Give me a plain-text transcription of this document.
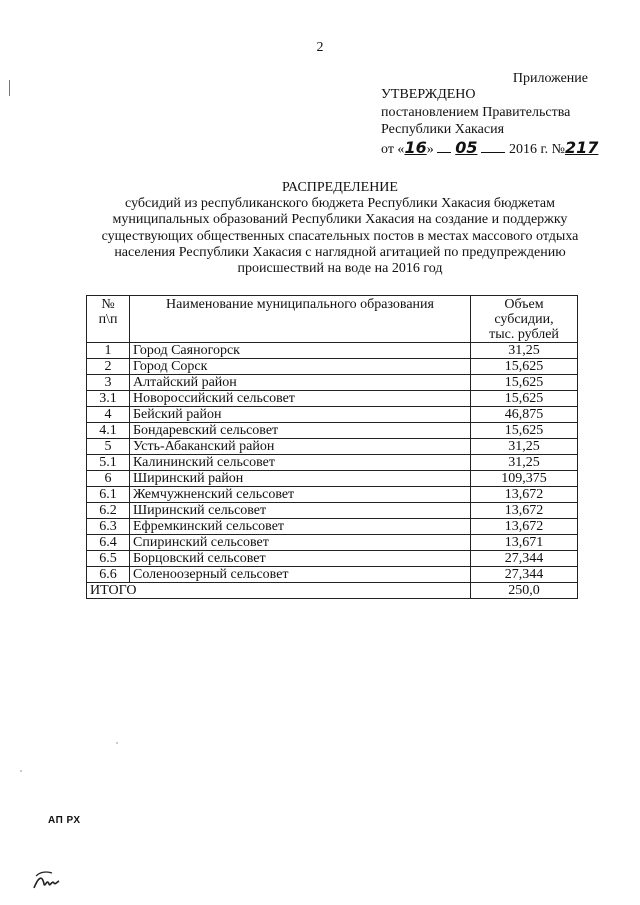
2
Приложение
УТВЕРЖДЕНО
постановлением Правительства
Республики Хакасия
от «16» 05 2016 г. №217
РАСПРЕДЕЛЕНИЕ
субсидий из республиканского бюджета Республики Хакасия бюджетам
муниципальных образований Республики Хакасия на создание и поддержку
существующих общественных спасательных постов в местах массового отдыха
населения Республики Хакасия с наглядной агитацией по предупреждению
происшествий на воде на 2016 год
№
п\п	Наименование муниципального образования	Объем субсидии,
тыс. рублей
1	Город Саяногорск	31,25
2	Город Сорск	15,625
3	Алтайский район	15,625
3.1	Новороссийский сельсовет	15,625
4	Бейский район	46,875
4.1	Бондаревский сельсовет	15,625
5	Усть-Абаканский район	31,25
5.1	Калининский сельсовет	31,25
6	Ширинский район	109,375
6.1	Жемчужненский сельсовет	13,672
6.2	Ширинский сельсовет	13,672
6.3	Ефремкинский сельсовет	13,672
6.4	Спиринский сельсовет	13,671
6.5	Борцовский сельсовет	27,344
6.6	Соленоозерный сельсовет	27,344
ИТОГО		250,0
АП РХ
